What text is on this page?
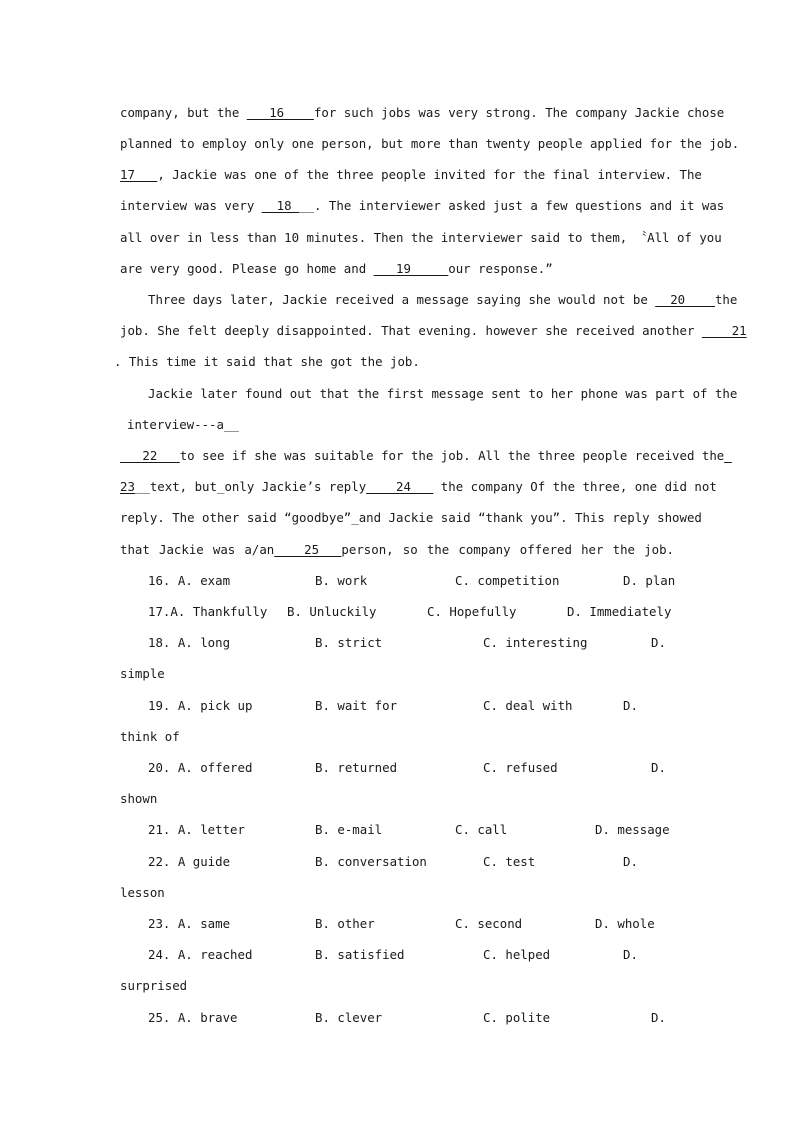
company, but the ___16____for such jobs was very strong. The company Jackie chose
planned to employ only one person, but more than twenty people applied for the job.
17___, Jackie was one of the three people invited for the final interview. The
interview was very __18___. The interviewer asked just a few questions and it was
all over in less than 10 minutes. Then the interviewer said to them, 〝All of you
are very good. Please go home and ___19_____our response.”
Three days later, Jackie received a message saying she would not be __20____the
job. She felt deeply disappointed. That evening. however she received another ____21
. This time it said that she got the job.
Jackie later found out that the first message sent to her phone was part of the
interview---a__
___22___to see if she was suitable for the job. All the three people received the_
23__text, but_only Jackie’s reply____24___ the company Of the three, one did not
reply. The other said “goodbye”_and Jackie said “thank you”. This reply showed
that Jackie was a/an____25___person, so the company offered her the job.
16. A. exam	B. work	C. competition	D. plan
17.A. Thankfully B. Unluckily	C. Hopefully	D. Immediately
18. A. long	B. strict	C. interesting	D.
simple
19. A. pick up	B. wait for	C. deal with	D.
think of
20. A. offered	B. returned	C. refused	D.
shown
21. A. letter	B. e-mail	C. call	D. message
22. A guide	B. conversation	C. test	D.
lesson
23. A. same	B. other	C. second	D. whole
24. A. reached	B. satisfied	C. helped	D.
surprised
25. A. brave	B. clever	C. polite	D.
